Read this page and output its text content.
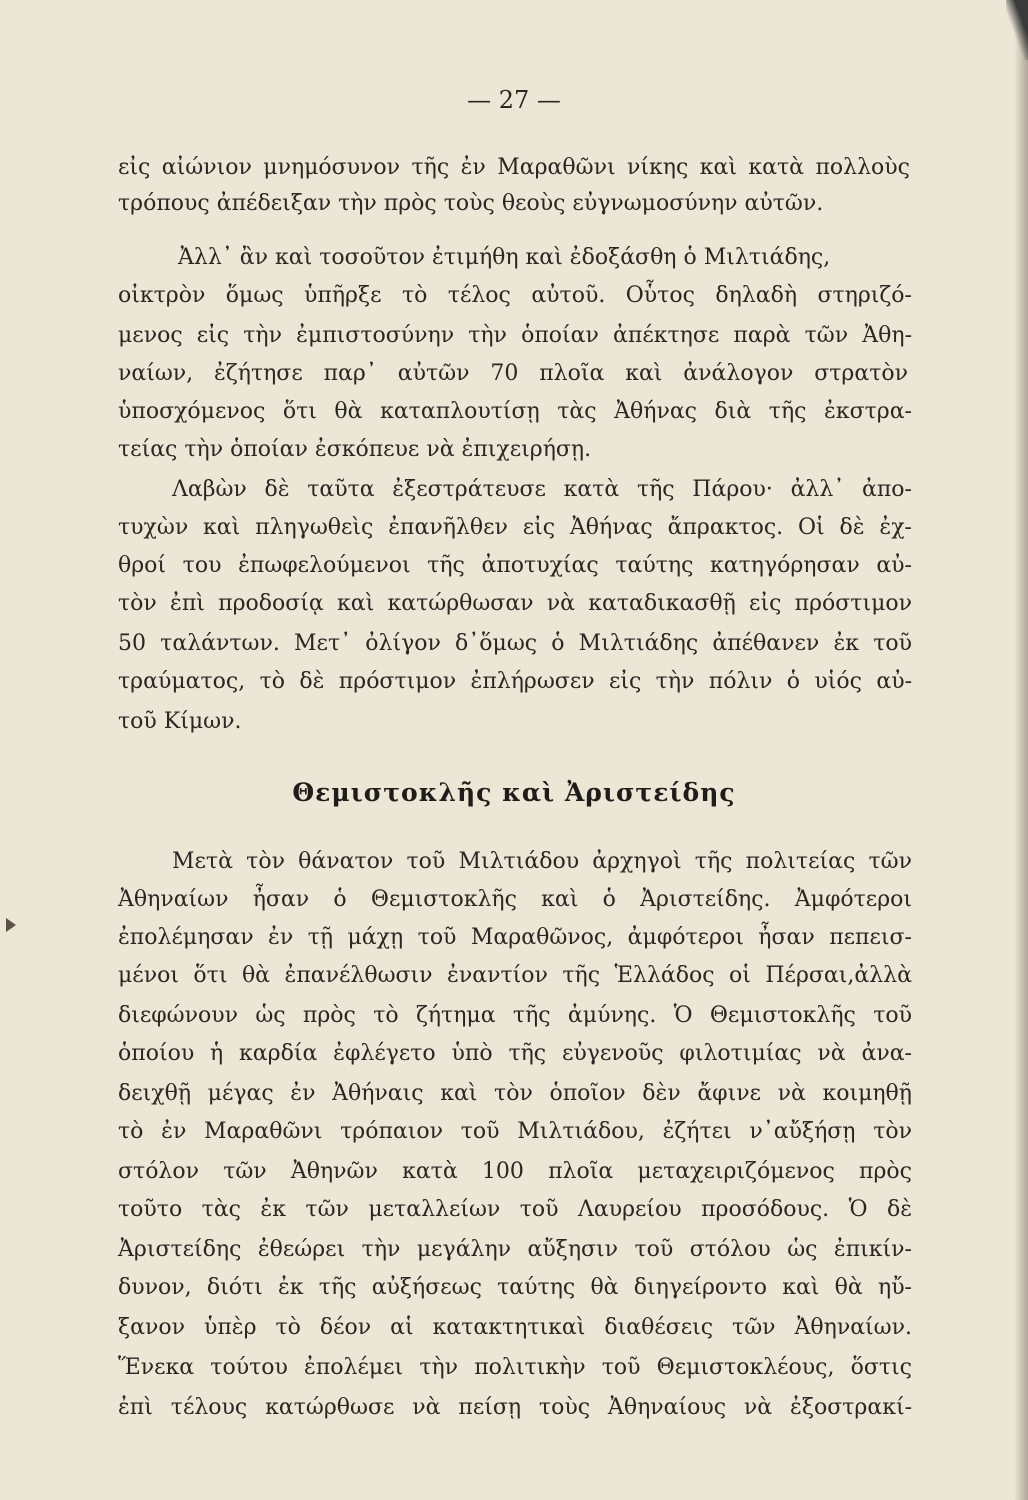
— 27 —
εἰς αἰώνιον μνημόσυνον τῆς ἐν Μαραθῶνι νίκης καὶ κατὰ πολλοὺς
τρόπους ἀπέδειξαν τὴν πρὸς τοὺς θεοὺς εὐγνωμοσύνην αὐτῶν.
Ἀλλ᾽ ἂν καὶ τοσοῦτον ἐτιμήθη καὶ ἐδοξάσθη ὁ Μιλτιάδης,
οἰκτρὸν ὅμως ὑπῆρξε τὸ τέλος αὐτοῦ. Οὗτος δηλαδὴ στηριζό-
μενος εἰς τὴν ἐμπιστοσύνην τὴν ὁποίαν ἀπέκτησε παρὰ τῶν Ἀθη-
ναίων, ἐζήτησε παρ᾽ αὐτῶν 70 πλοῖα καὶ ἀνάλογον στρατὸν
ὑποσχόμενος ὅτι θὰ καταπλουτίσῃ τὰς Ἀθήνας διὰ τῆς ἐκστρα-
τείας τὴν ὁποίαν ἐσκόπευε νὰ ἐπιχειρήσῃ.
Λαβὼν δὲ ταῦτα ἐξεστράτευσε κατὰ τῆς Πάρου· ἀλλ᾽ ἀπο-
τυχὼν καὶ πληγωθεὶς ἐπανῆλθεν εἰς Ἀθήνας ἄπρακτος. Οἱ δὲ ἐχ-
θροί του ἐπωφελούμενοι τῆς ἀποτυχίας ταύτης κατηγόρησαν αὐ-
τὸν ἐπὶ προδοσίᾳ καὶ κατώρθωσαν νὰ καταδικασθῇ εἰς πρόστιμον
50 ταλάντων. Μετ᾽ ὀλίγον δ᾽ὅμως ὁ Μιλτιάδης ἀπέθανεν ἐκ τοῦ
τραύματος, τὸ δὲ πρόστιμον ἐπλήρωσεν εἰς τὴν πόλιν ὁ υἱός αὐ-
τοῦ Κίμων.
Θεμιστοκλῆς καὶ Ἀριστείδης
Μετὰ τὸν θάνατον τοῦ Μιλτιάδου ἀρχηγοὶ τῆς πολιτείας τῶν
Ἀθηναίων ἦσαν ὁ Θεμιστοκλῆς καὶ ὁ Ἀριστείδης. Ἀμφότεροι
ἐπολέμησαν ἐν τῇ μάχῃ τοῦ Μαραθῶνος, ἀμφότεροι ἦσαν πεπεισ-
μένοι ὅτι θὰ ἐπανέλθωσιν ἐναντίον τῆς Ἑλλάδος οἱ Πέρσαι,ἀλλὰ
διεφώνουν ὡς πρὸς τὸ ζήτημα τῆς ἀμύνης. Ὁ Θεμιστοκλῆς τοῦ
ὁποίου ἡ καρδία ἐφλέγετο ὑπὸ τῆς εὐγενοῦς φιλοτιμίας νὰ ἀνα-
δειχθῇ μέγας ἐν Ἀθήναις καὶ τὸν ὁποῖον δὲν ἄφινε νὰ κοιμηθῇ
τὸ ἐν Μαραθῶνι τρόπαιον τοῦ Μιλτιάδου, ἐζήτει ν᾽αὔξήσῃ τὸν
στόλον τῶν Ἀθηνῶν κατὰ 100 πλοῖα μεταχειριζόμενος πρὸς
τοῦτο τὰς ἐκ τῶν μεταλλείων τοῦ Λαυρείου προσόδους. Ὁ δὲ
Ἀριστείδης ἐθεώρει τὴν μεγάλην αὔξησιν τοῦ στόλου ὡς ἐπικίν-
δυνον, διότι ἐκ τῆς αὐξήσεως ταύτης θὰ διηγείροντο καὶ θὰ ηὔ-
ξανον ὑπὲρ τὸ δέον αἱ κατακτητικαὶ διαθέσεις τῶν Ἀθηναίων.
Ἕνεκα τούτου ἐπολέμει τὴν πολιτικὴν τοῦ Θεμιστοκλέους, ὅστις
ἐπὶ τέλους κατώρθωσε νὰ πείσῃ τοὺς Ἀθηναίους νὰ ἐξοστρακί-
